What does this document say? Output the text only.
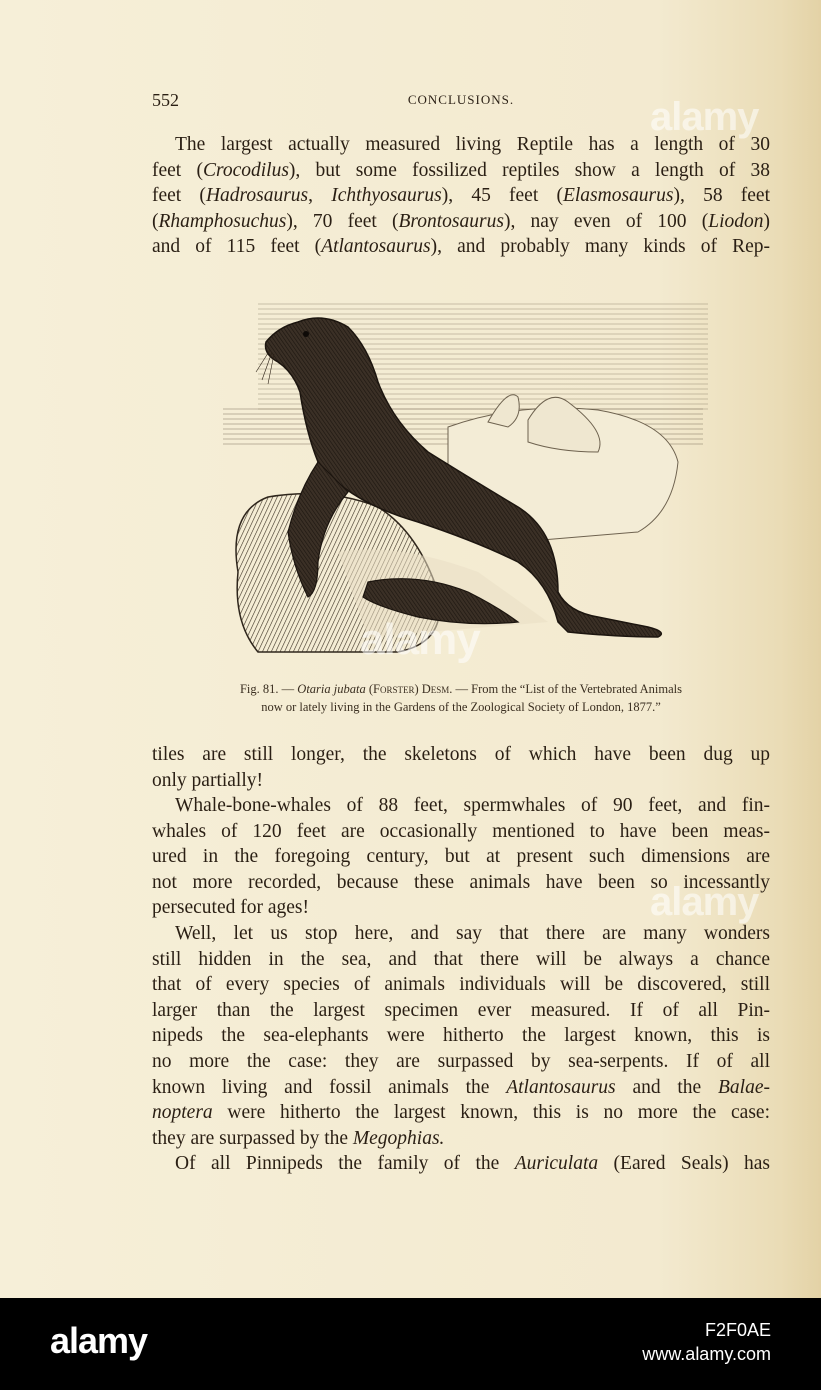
552	CONCLUSIONS.
The largest actually measured living Reptile has a length of 30
feet (Crocodilus), but some fossilized reptiles show a length of 38
feet (Hadrosaurus, Ichthyosaurus), 45 feet (Elasmosaurus), 58 feet
(Rhamphosuchus), 70 feet (Brontosaurus), nay even of 100 (Liodon)
and of 115 feet (Atlantosaurus), and probably many kinds of Rep-
Fig. 81. — Otaria jubata (Forster) Desm. — From the “List of the Vertebrated Animals
now or lately living in the Gardens of the Zoological Society of London, 1877.”
tiles are still longer, the skeletons of which have been dug up
only partially!
Whale-bone-whales of 88 feet, spermwhales of 90 feet, and fin-
whales of 120 feet are occasionally mentioned to have been meas-
ured in the foregoing century, but at present such dimensions are
not more recorded, because these animals have been so incessantly
persecuted for ages!
Well, let us stop here, and say that there are many wonders
still hidden in the sea, and that there will be always a chance
that of every species of animals individuals will be discovered, still
larger than the largest specimen ever measured. If of all Pin-
nipeds the sea-elephants were hitherto the largest known, this is
no more the case: they are surpassed by sea-serpents. If of all
known living and fossil animals the Atlantosaurus and the Balae-
noptera were hitherto the largest known, this is no more the case:
they are surpassed by the Megophias.
Of all Pinnipeds the family of the Auriculata (Eared Seals) has
alamy
alamy
alamy
alamy	F2F0AE
www.alamy.com
